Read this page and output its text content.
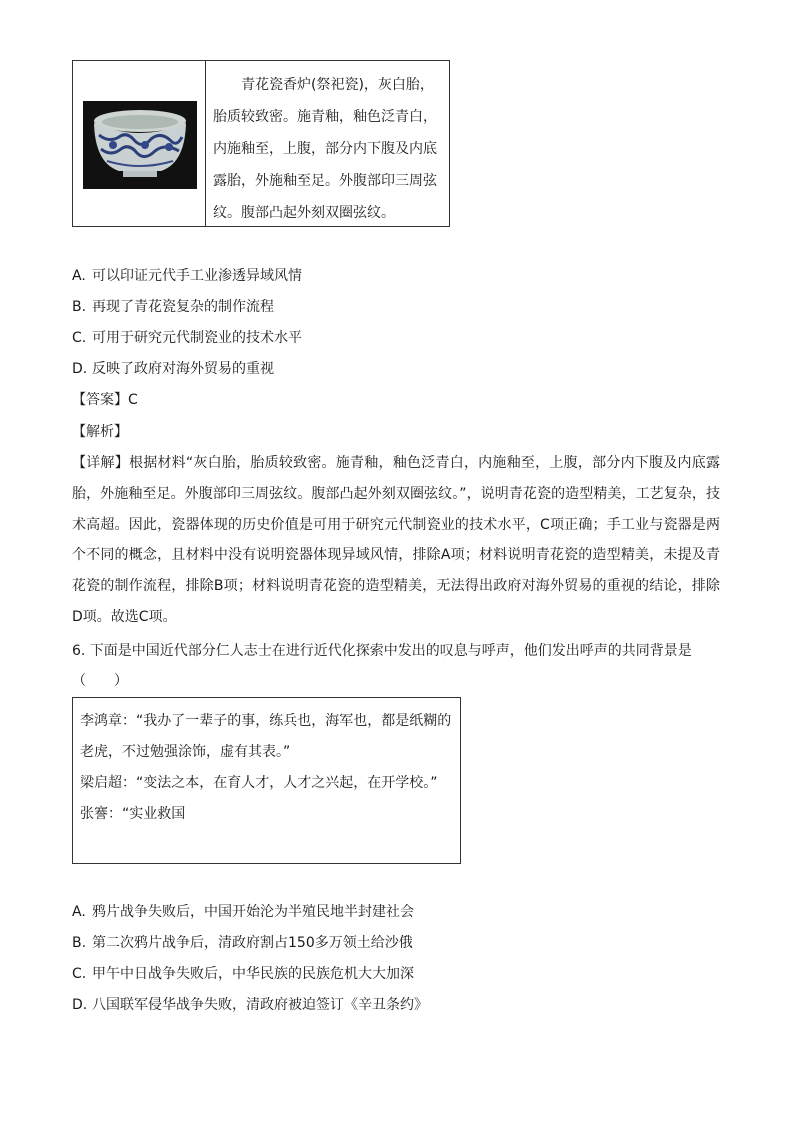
青花瓷香炉(祭祀瓷)，灰白胎，胎质较致密。施青釉，釉色泛青白，内施釉至，上腹，部分内下腹及内底露胎，外施釉至足。外腹部印三周弦纹。腹部凸起外刻双圈弦纹。
A. 可以印证元代手工业渗透异域风情
B. 再现了青花瓷复杂的制作流程
C. 可用于研究元代制瓷业的技术水平
D. 反映了政府对海外贸易的重视
【答案】C
【解析】
【详解】根据材料“灰白胎，胎质较致密。施青釉，釉色泛青白，内施釉至，上腹，部分内下腹及内底露胎，外施釉至足。外腹部印三周弦纹。腹部凸起外刻双圈弦纹。”，说明青花瓷的造型精美，工艺复杂，技术高超。因此，瓷器体现的历史价值是可用于研究元代制瓷业的技术水平，C项正确；手工业与瓷器是两个不同的概念，且材料中没有说明瓷器体现异域风情，排除A项；材料说明青花瓷的造型精美，未提及青花瓷的制作流程，排除B项；材料说明青花瓷的造型精美，无法得出政府对海外贸易的重视的结论，排除D项。故选C项。
6. 下面是中国近代部分仁人志士在进行近代化探索中发出的叹息与呼声，他们发出呼声的共同背景是
（　　）
李鸿章：“我办了一辈子的事，练兵也，海军也，都是纸糊的老虎，不过勉强涂饰，虚有其表。”
梁启超：“变法之本，在育人才，人才之兴起，在开学校。”
张謇：“实业救国
A. 鸦片战争失败后，中国开始沦为半殖民地半封建社会
B. 第二次鸦片战争后，清政府割占150多万领土给沙俄
C. 甲午中日战争失败后，中华民族的民族危机大大加深
D. 八国联军侵华战争失败，清政府被迫签订《辛丑条约》
